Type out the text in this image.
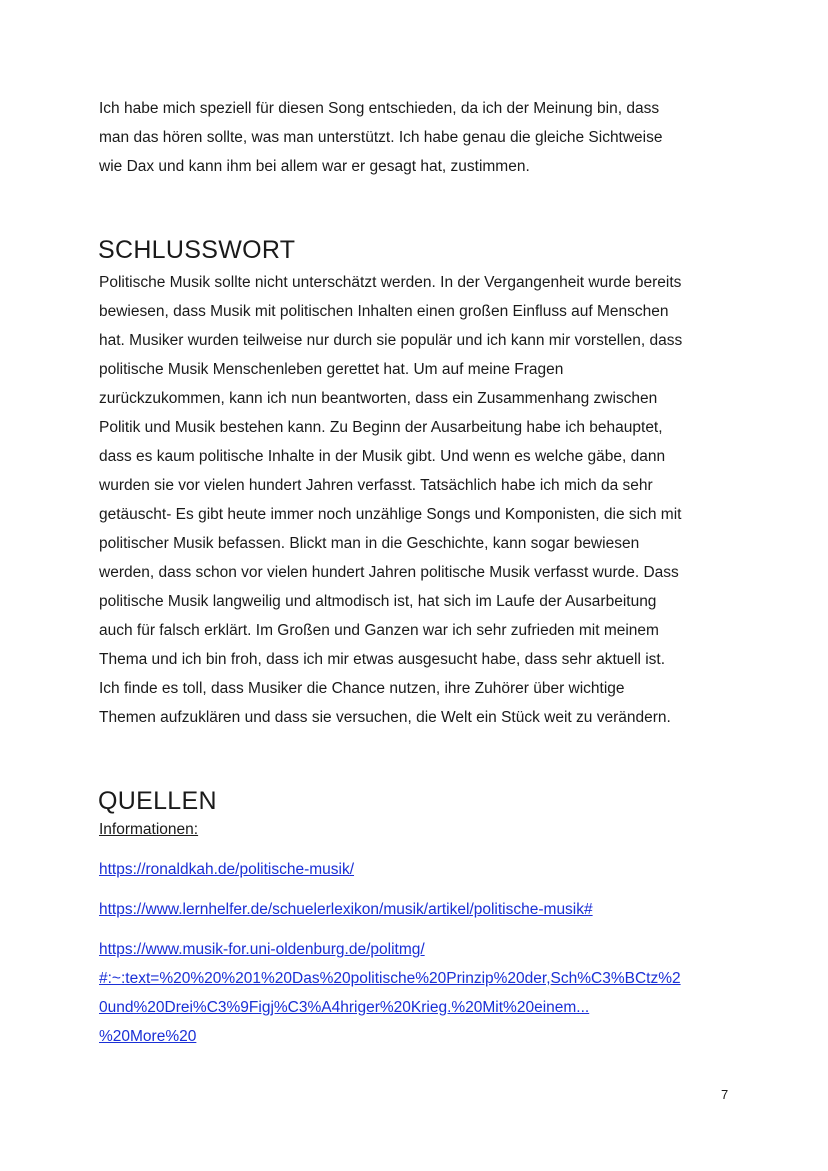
Ich habe mich speziell für diesen Song entschieden, da ich der Meinung bin, dass
man das hören sollte, was man unterstützt. Ich habe genau die gleiche Sichtweise
wie Dax und kann ihm bei allem war er gesagt hat, zustimmen.
SCHLUSSWORT
Politische Musik sollte nicht unterschätzt werden. In der Vergangenheit wurde bereits
bewiesen, dass Musik mit politischen Inhalten einen großen Einfluss auf Menschen
hat. Musiker wurden teilweise nur durch sie populär und ich kann mir vorstellen, dass
politische Musik Menschenleben gerettet hat. Um auf meine Fragen
zurückzukommen, kann ich nun beantworten, dass ein Zusammenhang zwischen
Politik und Musik bestehen kann. Zu Beginn der Ausarbeitung habe ich behauptet,
dass es kaum politische Inhalte in der Musik gibt. Und wenn es welche gäbe, dann
wurden sie vor vielen hundert Jahren verfasst. Tatsächlich habe ich mich da sehr
getäuscht- Es gibt heute immer noch unzählige Songs und Komponisten, die sich mit
politischer Musik befassen. Blickt man in die Geschichte, kann sogar bewiesen
werden, dass schon vor vielen hundert Jahren politische Musik verfasst wurde. Dass
politische Musik langweilig und altmodisch ist, hat sich im Laufe der Ausarbeitung
auch für falsch erklärt. Im Großen und Ganzen war ich sehr zufrieden mit meinem
Thema und ich bin froh, dass ich mir etwas ausgesucht habe, dass sehr aktuell ist.
Ich finde es toll, dass Musiker die Chance nutzen, ihre Zuhörer über wichtige
Themen aufzuklären und dass sie versuchen, die Welt ein Stück weit zu verändern.
QUELLEN
Informationen:
https://ronaldkah.de/politische-musik/
https://www.lernhelfer.de/schuelerlexikon/musik/artikel/politische-musik#
https://www.musik-for.uni-oldenburg.de/politmg/
#:~:text=%20%20%201%20Das%20politische%20Prinzip%20der,Sch%C3%BCtz%2
0und%20Drei%C3%9Figj%C3%A4hriger%20Krieg.%20Mit%20einem...
%20More%20
7
